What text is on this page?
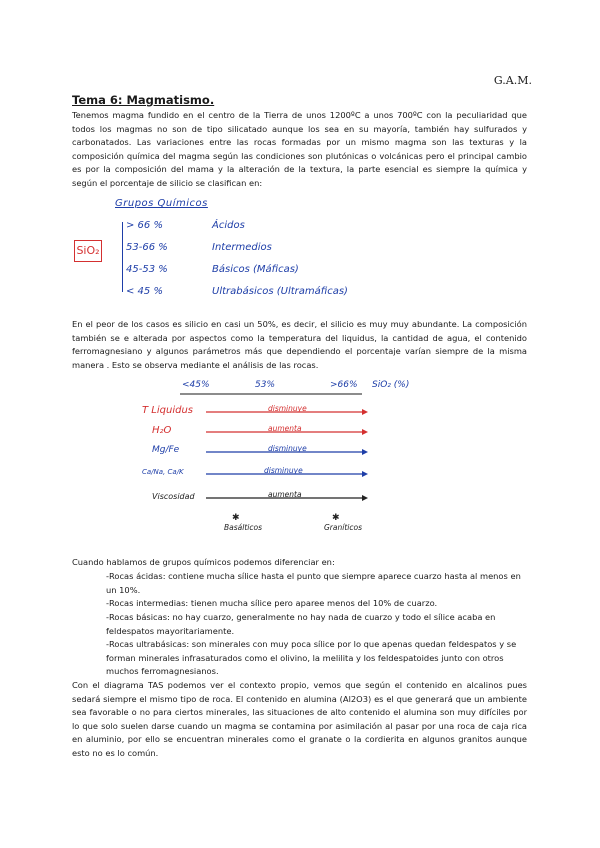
G.A.M.
Tema 6: Magmatismo.
Tenemos magma fundido en el centro de la Tierra de unos 1200ºC a unos 700ºC con la peculiaridad que todos los magmas no son de tipo silicatado aunque los sea en su mayoría, también hay sulfurados y carbonatados. Las variaciones entre las rocas formadas por un mismo magma son las texturas y la composición química del magma según las condiciones son plutónicas o volcánicas pero el principal cambio es por la composición del mama y la alteración de la textura, la parte esencial es siempre la química y según el porcentaje de silicio se clasifican en:
Grupos Químicos
SiO₂
> 66 %	Ácidos
53-66 %	Intermedios
45-53 %	Básicos (Máficas)
< 45 %	Ultrabásicos (Ultramáficas)
En el peor de los casos es silicio en casi un 50%, es decir, el silicio es muy muy abundante. La composición también se e alterada por aspectos como la temperatura del liquidus, la cantidad de agua, el contenido ferromagnesiano y algunos parámetros más que dependiendo el porcentaje varían siempre de la misma manera . Esto se observa mediante el análisis de las rocas.
<45%	53%	>66% SiO₂ (%)
✱	✱
T Liquidus	disminuye
H₂O	aumenta
Mg/Fe	disminuye
Ca/Na, Ca/K	disminuye
Viscosidad	aumenta
Basálticos	Graníticos
Cuando hablamos de grupos químicos podemos diferenciar en:
-Rocas ácidas: contiene mucha sílice hasta el punto que siempre aparece cuarzo hasta al menos en un 10%.
-Rocas intermedias: tienen mucha sílice pero aparee menos del 10% de cuarzo.
-Rocas básicas: no hay cuarzo, generalmente no hay nada de cuarzo y todo el sílice acaba en feldespatos mayoritariamente.
-Rocas ultrabásicas: son minerales con muy poca sílice por lo que apenas quedan feldespatos y se forman minerales infrasaturados como el olivino, la melilita y los feldespatoides junto con otros muchos ferromagnesianos.
Con el diagrama TAS podemos ver el contexto propio, vemos que según el contenido en alcalinos pues sedará siempre el mismo tipo de roca. El contenido en alumina (Al2O3) es el que generará que un ambiente sea favorable o no para ciertos minerales, las situaciones de alto contenido el alumina son muy difíciles por lo que solo suelen darse cuando un magma se contamina por asimilación al pasar por una roca de caja rica en aluminio, por ello se encuentran minerales como el granate o la cordierita en algunos granitos aunque esto no es lo común.
